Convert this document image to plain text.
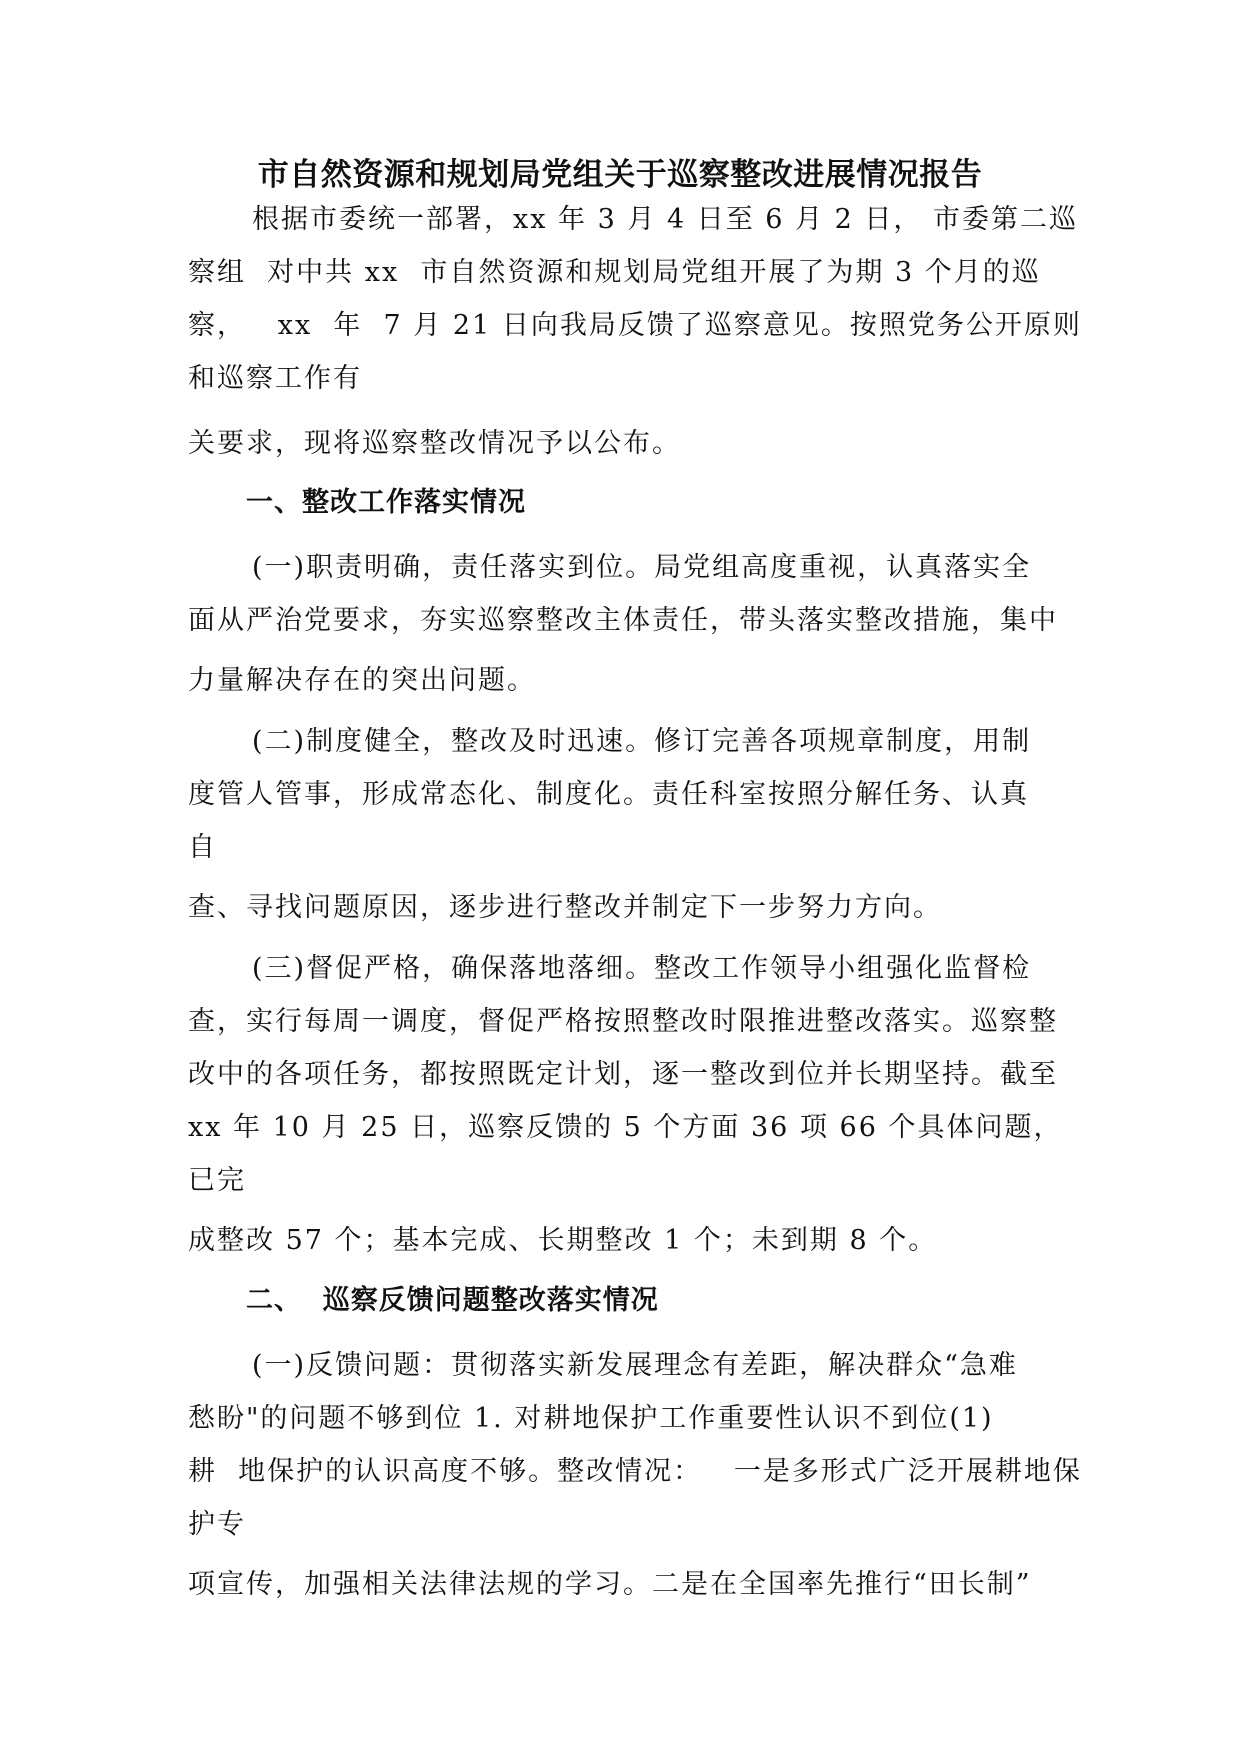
市自然资源和规划局党组关于巡察整改进展情况报告
根据市委统一部署，xx 年 3 月 4 日至 6 月 2 日， 市委第二巡
察组  对中共 xx  市自然资源和规划局党组开展了为期 3 个月的巡
察，   xx  年  7 月 21 日向我局反馈了巡察意见。按照党务公开原则
和巡察工作有
关要求，现将巡察整改情况予以公布。
一、整改工作落实情况
(一)职责明确，责任落实到位。局党组高度重视，认真落实全
面从严治党要求，夯实巡察整改主体责任，带头落实整改措施，集中
力量解决存在的突出问题。
(二)制度健全，整改及时迅速。修订完善各项规章制度，用制
度管人管事，形成常态化、制度化。责任科室按照分解任务、认真
自
查、寻找问题原因，逐步进行整改并制定下一步努力方向。
(三)督促严格，确保落地落细。整改工作领导小组强化监督检
查，实行每周一调度，督促严格按照整改时限推进整改落实。巡察整
改中的各项任务，都按照既定计划，逐一整改到位并长期坚持。截至
xx 年 10 月 25 日，巡察反馈的 5 个方面 36 项 66 个具体问题，
已完
成整改 57 个；基本完成、长期整改 1 个；未到期 8 个。
二、  巡察反馈问题整改落实情况
(一)反馈问题：贯彻落实新发展理念有差距，解决群众“急难
愁盼"的问题不够到位 1. 对耕地保护工作重要性认识不到位(1)
耕  地保护的认识高度不够。整改情况：   一是多形式广泛开展耕地保
护专
项宣传，加强相关法律法规的学习。二是在全国率先推行“田长制”
